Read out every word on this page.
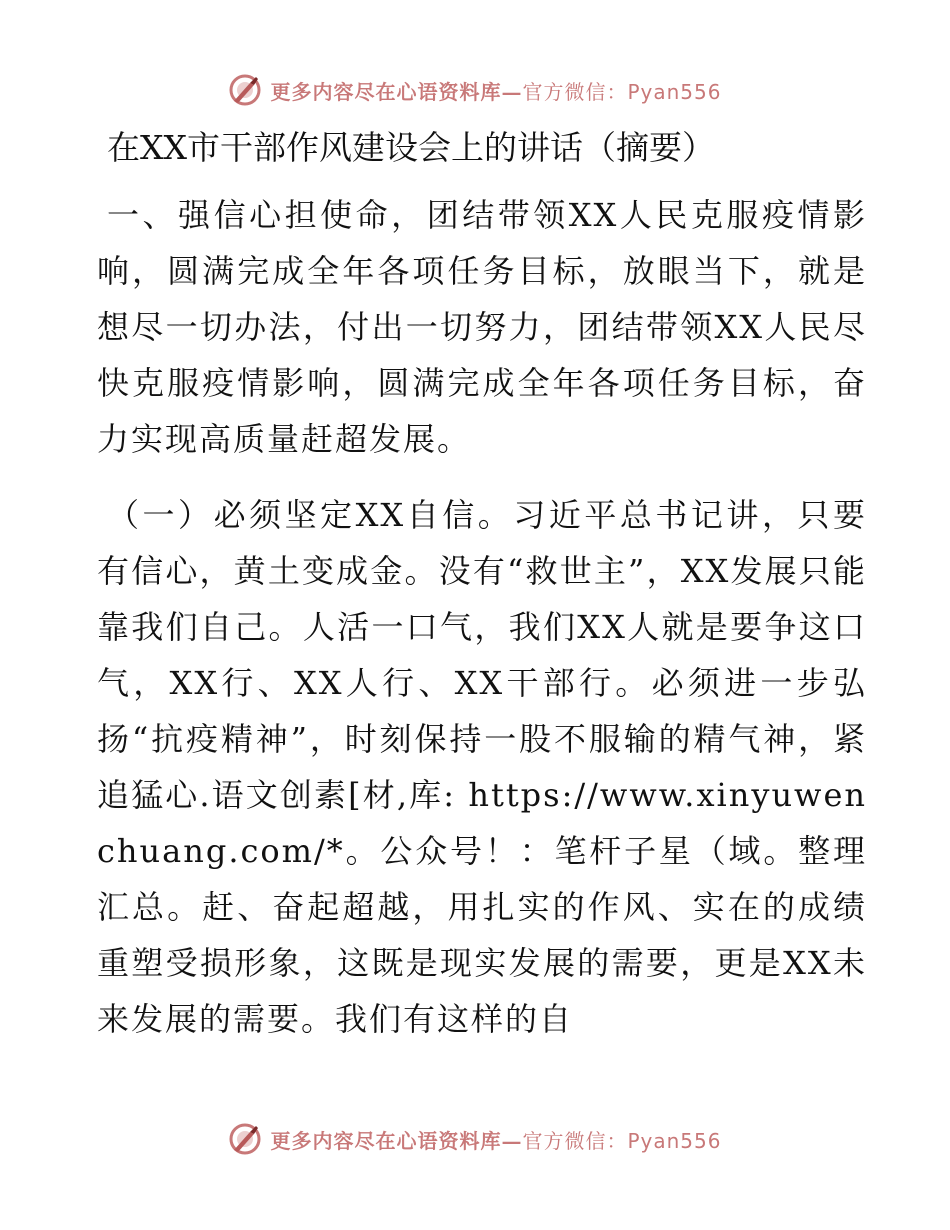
更多内容尽在心语资料库—官方微信：Pyan556
在XX市干部作风建设会上的讲话（摘要）

一、强信心担使命，团结带领XX人民克服疫情影响，圆满完成全年各项任务目标，放眼当下，就是想尽一切办法，付出一切努力，团结带领XX人民尽快克服疫情影响，圆满完成全年各项任务目标，奋力实现高质量赶超发展。

（一）必须坚定XX自信。习近平总书记讲，只要有信心，黄土变成金。没有“救世主”，XX发展只能靠我们自己。人活一口气，我们XX人就是要争这口气，XX行、XX人行、XX干部行。必须进一步弘扬“抗疫精神”，时刻保持一股不服输的精气神，紧追猛心.语文创素[材,库: https://www.xinyuwenchuang.com/*。公众号！：笔杆子星（域。整理汇总。赶、奋起超越，用扎实的作风、实在的成绩重塑受损形象，这既是现实发展的需要，更是XX未来发展的需要。我们有这样的自

更多内容尽在心语资料库—官方微信：Pyan556
